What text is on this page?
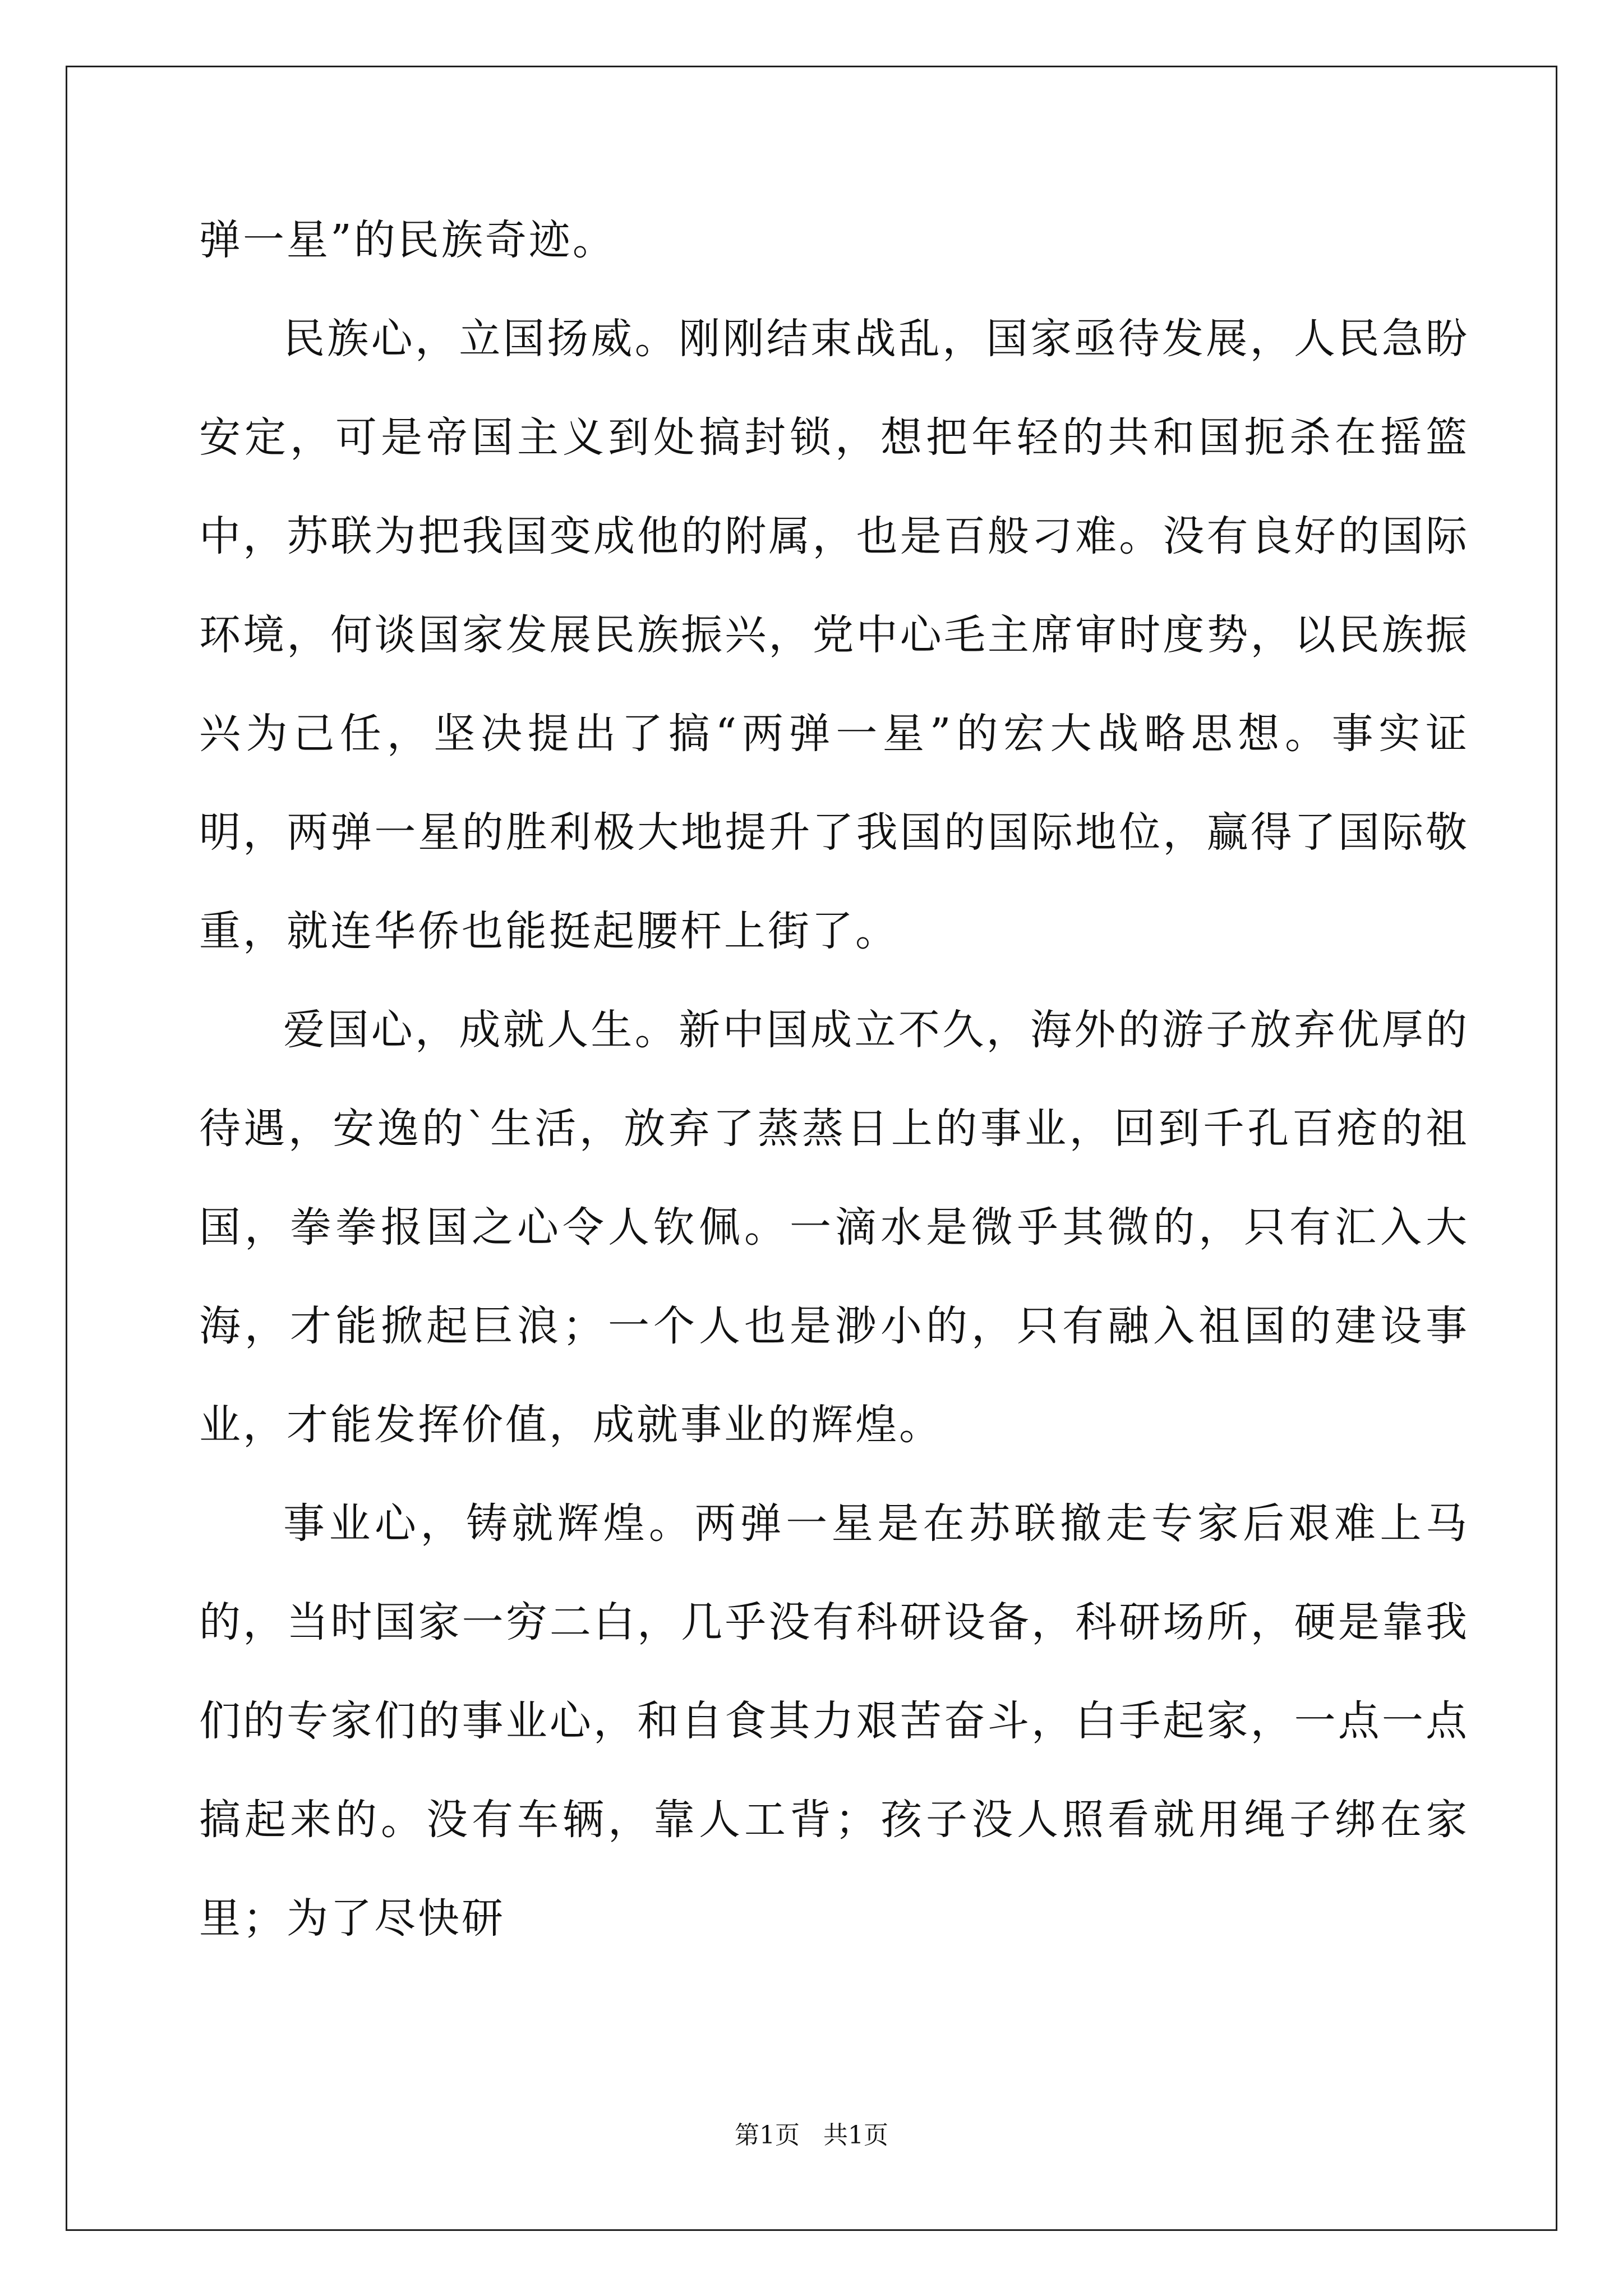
弹一星”的民族奇迹。

民族心，立国扬威。刚刚结束战乱，国家亟待发展，人民急盼安定，可是帝国主义到处搞封锁，想把年轻的共和国扼杀在摇篮中，苏联为把我国变成他的附属，也是百般刁难。没有良好的国际环境，何谈国家发展民族振兴，党中心毛主席审时度势，以民族振兴为己任，坚决提出了搞“两弹一星”的宏大战略思想。事实证明，两弹一星的胜利极大地提升了我国的国际地位，赢得了国际敬重，就连华侨也能挺起腰杆上街了。

爱国心，成就人生。新中国成立不久，海外的游子放弃优厚的待遇，安逸的`生活，放弃了蒸蒸日上的事业，回到千孔百疮的祖国，拳拳报国之心令人钦佩。一滴水是微乎其微的，只有汇入大海，才能掀起巨浪；一个人也是渺小的，只有融入祖国的建设事业，才能发挥价值，成就事业的辉煌。

事业心，铸就辉煌。两弹一星是在苏联撤走专家后艰难上马的，当时国家一穷二白，几乎没有科研设备，科研场所，硬是靠我们的专家们的事业心，和自食其力艰苦奋斗，白手起家，一点一点搞起来的。没有车辆，靠人工背；孩子没人照看就用绳子绑在家里；为了尽快研

第1页 共1页
